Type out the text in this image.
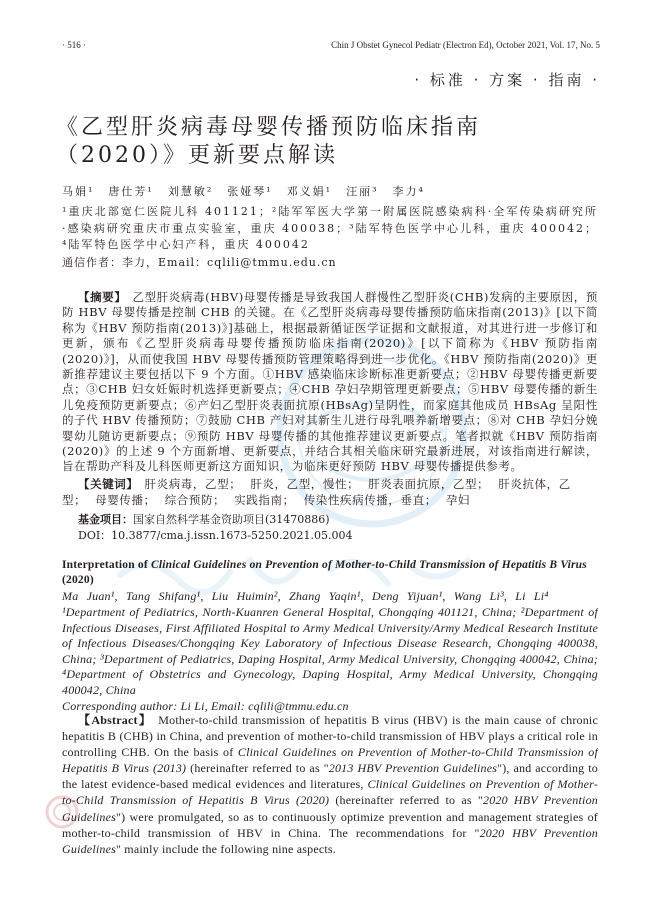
· 516 ·	Chin J Obstet Gynecol Pediatr (Electron Ed), October 2021, Vol. 17, No. 5
· 标准 · 方案 · 指南 ·
《乙型肝炎病毒母婴传播预防临床指南
（2020）》更新要点解读
马娟¹ 唐仕芳¹ 刘慧敏² 张娅琴¹ 邓义娟¹ 汪丽³ 李力⁴
¹重庆北部宽仁医院儿科 401121；²陆军军医大学第一附属医院感染病科·全军传染病研究所·感染病研究重庆市重点实验室，重庆 400038；³陆军特色医学中心儿科，重庆 400042；⁴陆军特色医学中心妇产科，重庆 400042
通信作者：李力，Email：cqlili@tmmu.edu.cn
【摘要】 乙型肝炎病毒(HBV)母婴传播是导致我国人群慢性乙型肝炎(CHB)发病的主要原因，预防 HBV 母婴传播是控制 CHB 的关键。在《乙型肝炎病毒母婴传播预防临床指南(2013)》[以下简称为《HBV 预防指南(2013)》]基础上，根据最新循证医学证据和文献报道，对其进行进一步修订和更新，颁布《乙型肝炎病毒母婴传播预防临床指南(2020)》[以下简称为《HBV 预防指南(2020)》]，从而使我国 HBV 母婴传播预防管理策略得到进一步优化。《HBV 预防指南(2020)》更新推荐建议主要包括以下 9 个方面。①HBV 感染临床诊断标准更新要点；②HBV 母婴传播更新要点；③CHB 妇女妊娠时机选择更新要点；④CHB 孕妇孕期管理更新要点；⑤HBV 母婴传播的新生儿免疫预防更新要点；⑥产妇乙型肝炎表面抗原(HBsAg)呈阴性，而家庭其他成员 HBsAg 呈阳性的子代 HBV 传播预防；⑦鼓励 CHB 产妇对其新生儿进行母乳喂养新增要点；⑧对 CHB 孕妇分娩婴幼儿随访更新要点；⑨预防 HBV 母婴传播的其他推荐建议更新要点。笔者拟就《HBV 预防指南(2020)》的上述 9 个方面新增、更新要点，并结合其相关临床研究最新进展，对该指南进行解读，旨在帮助产科及儿科医师更新这方面知识，为临床更好预防 HBV 母婴传播提供参考。
【关键词】 肝炎病毒，乙型； 肝炎，乙型，慢性； 肝炎表面抗原，乙型； 肝炎抗体，乙型； 母婴传播； 综合预防； 实践指南； 传染性疾病传播，垂直； 孕妇
基金项目：国家自然科学基金资助项目(31470886)
DOI：10.3877/cma.j.issn.1673-5250.2021.05.004
Interpretation of Clinical Guidelines on Prevention of Mother-to-Child Transmission of Hepatitis B Virus (2020)
Ma Juan¹, Tang Shifang¹, Liu Huimin², Zhang Yaqin¹, Deng Yijuan¹, Wang Li³, Li Li⁴
¹Department of Pediatrics, North-Kuanren General Hospital, Chongqing 401121, China; ²Department of Infectious Diseases, First Affiliated Hospital to Army Medical University/Army Medical Research Institute of Infectious Diseases/Chongqing Key Laboratory of Infectious Disease Research, Chongqing 400038, China; ³Department of Pediatrics, Daping Hospital, Army Medical University, Chongqing 400042, China; ⁴Department of Obstetrics and Gynecology, Daping Hospital, Army Medical University, Chongqing 400042, China
Corresponding author: Li Li, Email: cqlili@tmmu.edu.cn
【Abstract】 Mother-to-child transmission of hepatitis B virus (HBV) is the main cause of chronic hepatitis B (CHB) in China, and prevention of mother-to-child transmission of HBV plays a critical role in controlling CHB. On the basis of Clinical Guidelines on Prevention of Mother-to-Child Transmission of Hepatitis B Virus (2013) (hereinafter referred to as "2013 HBV Prevention Guidelines"), and according to the latest evidence-based medical evidences and literatures, Clinical Guidelines on Prevention of Mother-to-Child Transmission of Hepatitis B Virus (2020) (hereinafter referred to as "2020 HBV Prevention Guidelines") were promulgated, so as to continuously optimize prevention and management strategies of mother-to-child transmission of HBV in China. The recommendations for "2020 HBV Prevention Guidelines" mainly include the following nine aspects.
